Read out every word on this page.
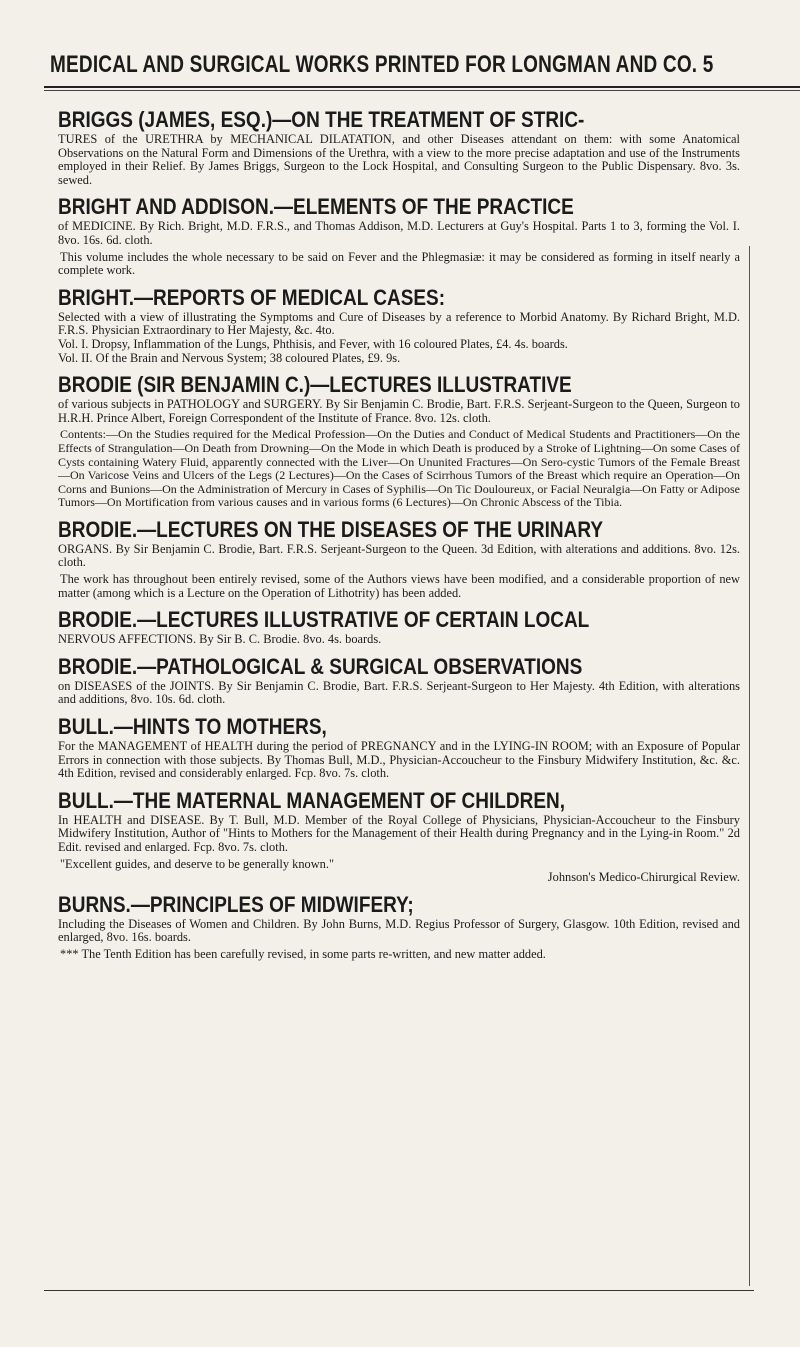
MEDICAL AND SURGICAL WORKS PRINTED FOR LONGMAN AND CO. 5
BRIGGS (JAMES, ESQ.)—ON THE TREATMENT OF STRIC-

TURES of the URETHRA by MECHANICAL DILATATION, and other Diseases attendant on them: with some Anatomical Observations on the Natural Form and Dimensions of the Urethra, with a view to the more precise adaptation and use of the Instruments employed in their Relief. By James Briggs, Surgeon to the Lock Hospital, and Consulting Surgeon to the Public Dispensary. 8vo. 3s. sewed.

BRIGHT AND ADDISON.—ELEMENTS OF THE PRACTICE

of MEDICINE. By Rich. Bright, M.D. F.R.S., and Thomas Addison, M.D. Lecturers at Guy's Hospital. Parts 1 to 3, forming the Vol. I. 8vo. 16s. 6d. cloth.

This volume includes the whole necessary to be said on Fever and the Phlegmasiæ: it may be considered as forming in itself nearly a complete work.

BRIGHT.—REPORTS OF MEDICAL CASES:

Selected with a view of illustrating the Symptoms and Cure of Diseases by a reference to Morbid Anatomy. By Richard Bright, M.D. F.R.S. Physician Extraordinary to Her Majesty, &c. 4to.

Vol. I. Dropsy, Inflammation of the Lungs, Phthisis, and Fever, with 16 coloured Plates, £4. 4s. boards.

Vol. II. Of the Brain and Nervous System; 38 coloured Plates, £9. 9s.

BRODIE (SIR BENJAMIN C.)—LECTURES ILLUSTRATIVE

of various subjects in PATHOLOGY and SURGERY. By Sir Benjamin C. Brodie, Bart. F.R.S. Serjeant-Surgeon to the Queen, Surgeon to H.R.H. Prince Albert, Foreign Correspondent of the Institute of France. 8vo. 12s. cloth.

Contents:—On the Studies required for the Medical Profession—On the Duties and Conduct of Medical Students and Practitioners—On the Effects of Strangulation—On Death from Drowning—On the Mode in which Death is produced by a Stroke of Lightning—On some Cases of Cysts containing Watery Fluid, apparently connected with the Liver—On Ununited Fractures—On Sero-cystic Tumors of the Female Breast—On Varicose Veins and Ulcers of the Legs (2 Lectures)—On the Cases of Scirrhous Tumors of the Breast which require an Operation—On Corns and Bunions—On the Administration of Mercury in Cases of Syphilis—On Tic Douloureux, or Facial Neuralgia—On Fatty or Adipose Tumors—On Mortification from various causes and in various forms (6 Lectures)—On Chronic Abscess of the Tibia.

BRODIE.—LECTURES ON THE DISEASES OF THE URINARY

ORGANS. By Sir Benjamin C. Brodie, Bart. F.R.S. Serjeant-Surgeon to the Queen. 3d Edition, with alterations and additions. 8vo. 12s. cloth.

The work has throughout been entirely revised, some of the Authors views have been modified, and a considerable proportion of new matter (among which is a Lecture on the Operation of Lithotrity) has been added.

BRODIE.—LECTURES ILLUSTRATIVE OF CERTAIN LOCAL

NERVOUS AFFECTIONS. By Sir B. C. Brodie. 8vo. 4s. boards.

BRODIE.—PATHOLOGICAL & SURGICAL OBSERVATIONS

on DISEASES of the JOINTS. By Sir Benjamin C. Brodie, Bart. F.R.S. Serjeant-Surgeon to Her Majesty. 4th Edition, with alterations and additions, 8vo. 10s. 6d. cloth.

BULL.—HINTS TO MOTHERS,

For the MANAGEMENT of HEALTH during the period of PREGNANCY and in the LYING-IN ROOM; with an Exposure of Popular Errors in connection with those subjects. By Thomas Bull, M.D., Physician-Accoucheur to the Finsbury Midwifery Institution, &c. &c. 4th Edition, revised and considerably enlarged. Fcp. 8vo. 7s. cloth.

BULL.—THE MATERNAL MANAGEMENT OF CHILDREN,

In HEALTH and DISEASE. By T. Bull, M.D. Member of the Royal College of Physicians, Physician-Accoucheur to the Finsbury Midwifery Institution, Author of "Hints to Mothers for the Management of their Health during Pregnancy and in the Lying-in Room." 2d Edit. revised and enlarged. Fcp. 8vo. 7s. cloth.

"Excellent guides, and deserve to be generally known."

Johnson's Medico-Chirurgical Review.
BURNS.—PRINCIPLES OF MIDWIFERY;

Including the Diseases of Women and Children. By John Burns, M.D. Regius Professor of Surgery, Glasgow. 10th Edition, revised and enlarged, 8vo. 16s. boards.

*** The Tenth Edition has been carefully revised, in some parts re-written, and new matter added.
